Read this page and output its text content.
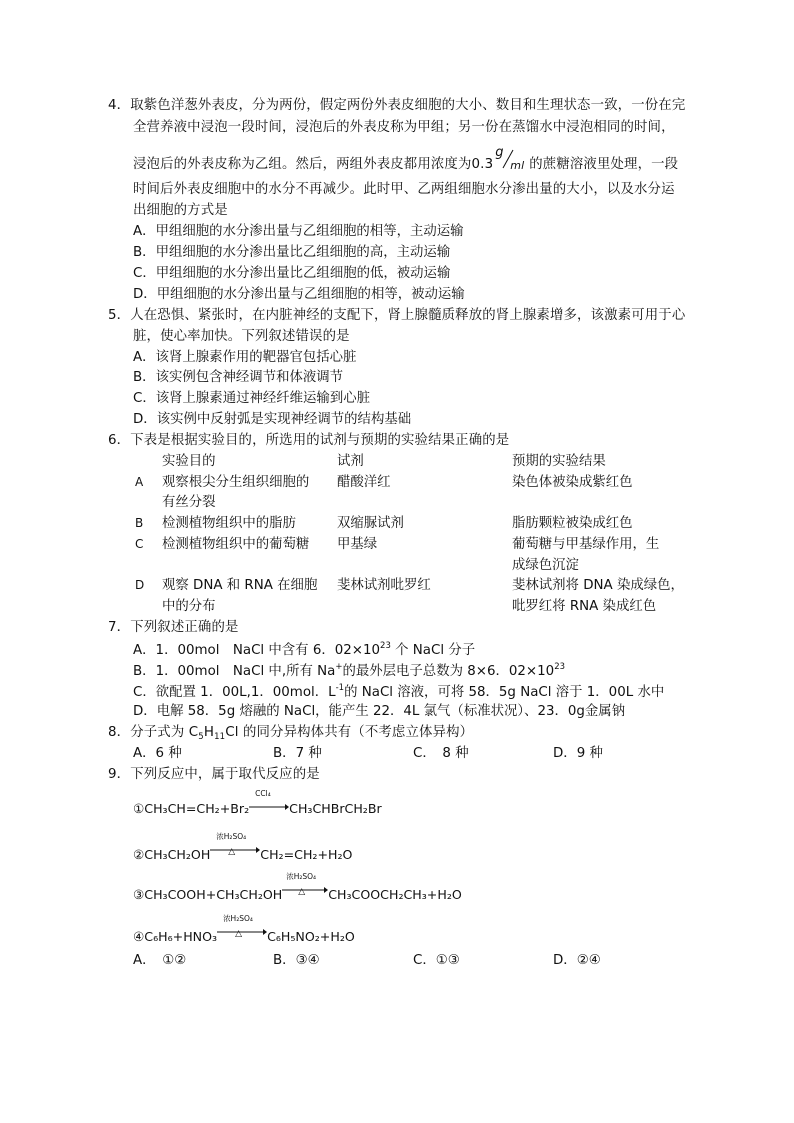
4．取紫色洋葱外表皮，分为两份，假定两份外表皮细胞的大小、数目和生理状态一致，一份在完
全营养液中浸泡一段时间，浸泡后的外表皮称为甲组；另一份在蒸馏水中浸泡相同的时间，
浸泡后的外表皮称为乙组。然后，两组外表皮都用浓度为0.3
g
ml 的蔗糖溶液里处理，一段
时间后外表皮细胞中的水分不再减少。此时甲、乙两组细胞水分渗出量的大小，以及水分运
出细胞的方式是
A．甲组细胞的水分渗出量与乙组细胞的相等，主动运输
B．甲组细胞的水分渗出量比乙组细胞的高，主动运输
C．甲组细胞的水分渗出量比乙组细胞的低，被动运输
D．甲组细胞的水分渗出量与乙组细胞的相等，被动运输
5．人在恐惧、紧张时，在内脏神经的支配下，肾上腺髓质释放的肾上腺素增多，该激素可用于心
脏，使心率加快。下列叙述错误的是
A．该肾上腺素作用的靶器官包括心脏
B．该实例包含神经调节和体液调节
C．该肾上腺素通过神经纤维运输到心脏
D．该实例中反射弧是实现神经调节的结构基础
6．下表是根据实验目的，所选用的试剂与预期的实验结果正确的是
实验目的	试剂	预期的实验结果
A 观察根尖分生组织细胞的
有丝分裂
醋酸洋红	染色体被染成紫红色
B 检测植物组织中的脂肪	双缩脲试剂	脂肪颗粒被染成红色
C 检测植物组织中的葡萄糖 甲基绿	葡萄糖与甲基绿作用，生
成绿色沉淀
D 观察 DNA 和 RNA 在细胞
中的分布
斐林试剂吡罗红	斐林试剂将 DNA 染成绿色，
吡罗红将 RNA 染成红色
7．下列叙述正确的是
A．1．00mol　NaCl 中含有 6．$02\times 10^{23}$ 个 NaCl 分子
B．1．00mol　NaCl 中,所有 Na+的最外层电子总数为 8×6．$02\times 10^{23}$
C．欲配置 1．00L,1．00mol．$L^{-1}$的 NaCl 溶液，可将 58．5g NaCl 溶于 1．00L 水中
D．电解 58．5g 熔融的 NaCl，能产生 22．4L 氯气（标准状况）、23．0g金属钠
8．分子式为 $C_5H_{11}Cl$ 的同分异构体共有（不考虑立体异构）
A．6 种	B．7 种	C．　8 种	D．9 种
9．下列反应中，属于取代反应的是
①CH₃CH=CH₂+Br₂
CCl₄
CH₃CHBrCH₂Br
②CH₃CH₂OH
浓H₂SO₄
△ CH₂=CH₂+H₂O
③CH₃COOH+CH₃CH₂OH
浓H₂SO₄
△ CH₃COOCH₂CH₃+H₂O
④C₆H₆+HNO₃
浓H₂SO₄
△ C₆H₅NO₂+H₂O
A．　①②	B．③④	C．①③	D．②④
